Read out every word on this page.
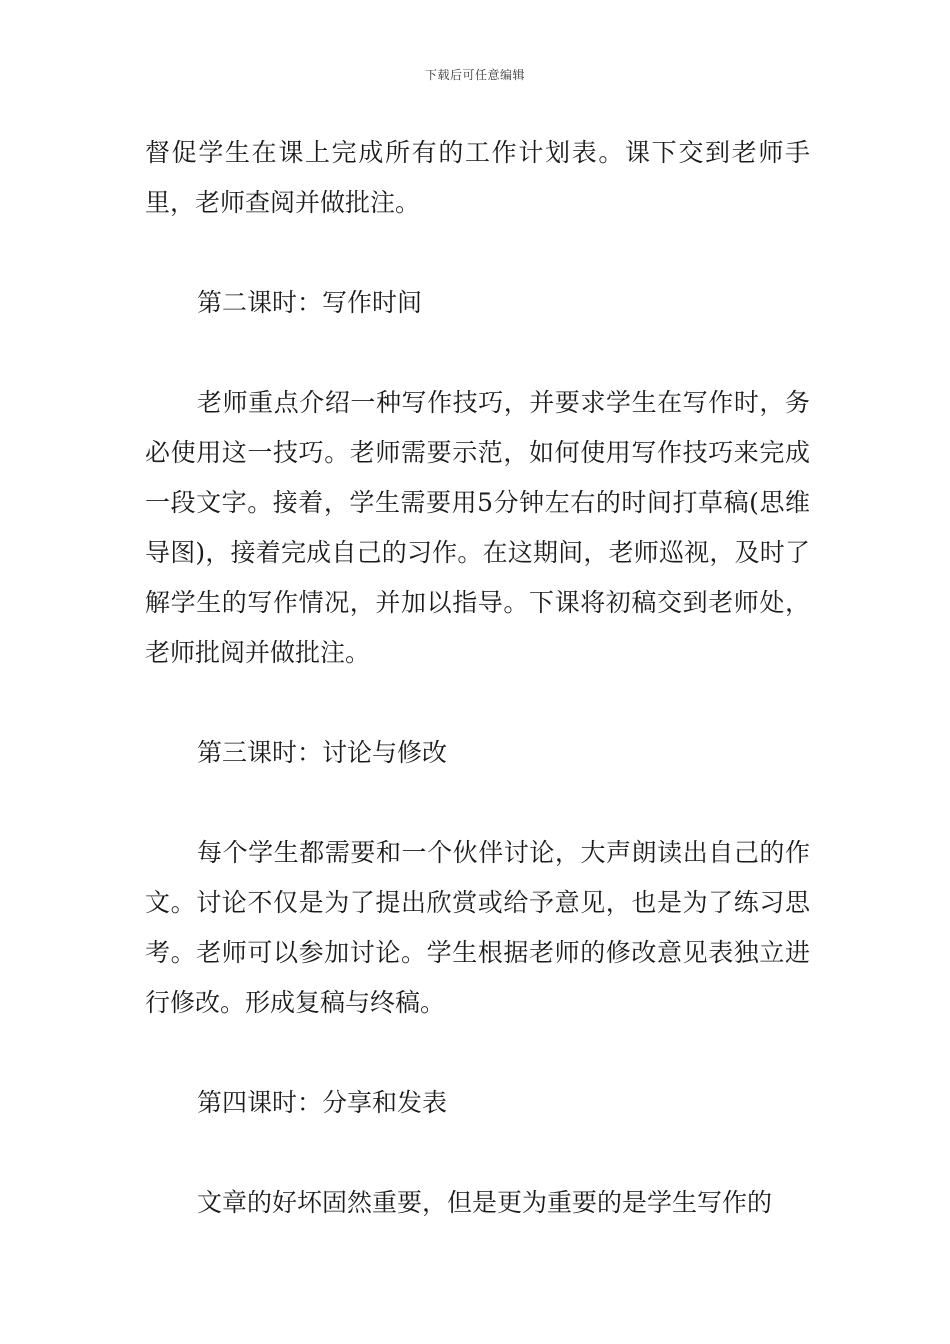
下载后可任意编辑

督促学生在课上完成所有的工作计划表。课下交到老师手里，老师查阅并做批注。

第二课时：写作时间

老师重点介绍一种写作技巧，并要求学生在写作时，务必使用这一技巧。老师需要示范，如何使用写作技巧来完成一段文字。接着，学生需要用5分钟左右的时间打草稿(思维导图)，接着完成自己的习作。在这期间，老师巡视，及时了解学生的写作情况，并加以指导。下课将初稿交到老师处，老师批阅并做批注。

第三课时：讨论与修改

每个学生都需要和一个伙伴讨论，大声朗读出自己的作文。讨论不仅是为了提出欣赏或给予意见，也是为了练习思考。老师可以参加讨论。学生根据老师的修改意见表独立进行修改。形成复稿与终稿。

第四课时：分享和发表

文章的好坏固然重要，但是更为重要的是学生写作的
